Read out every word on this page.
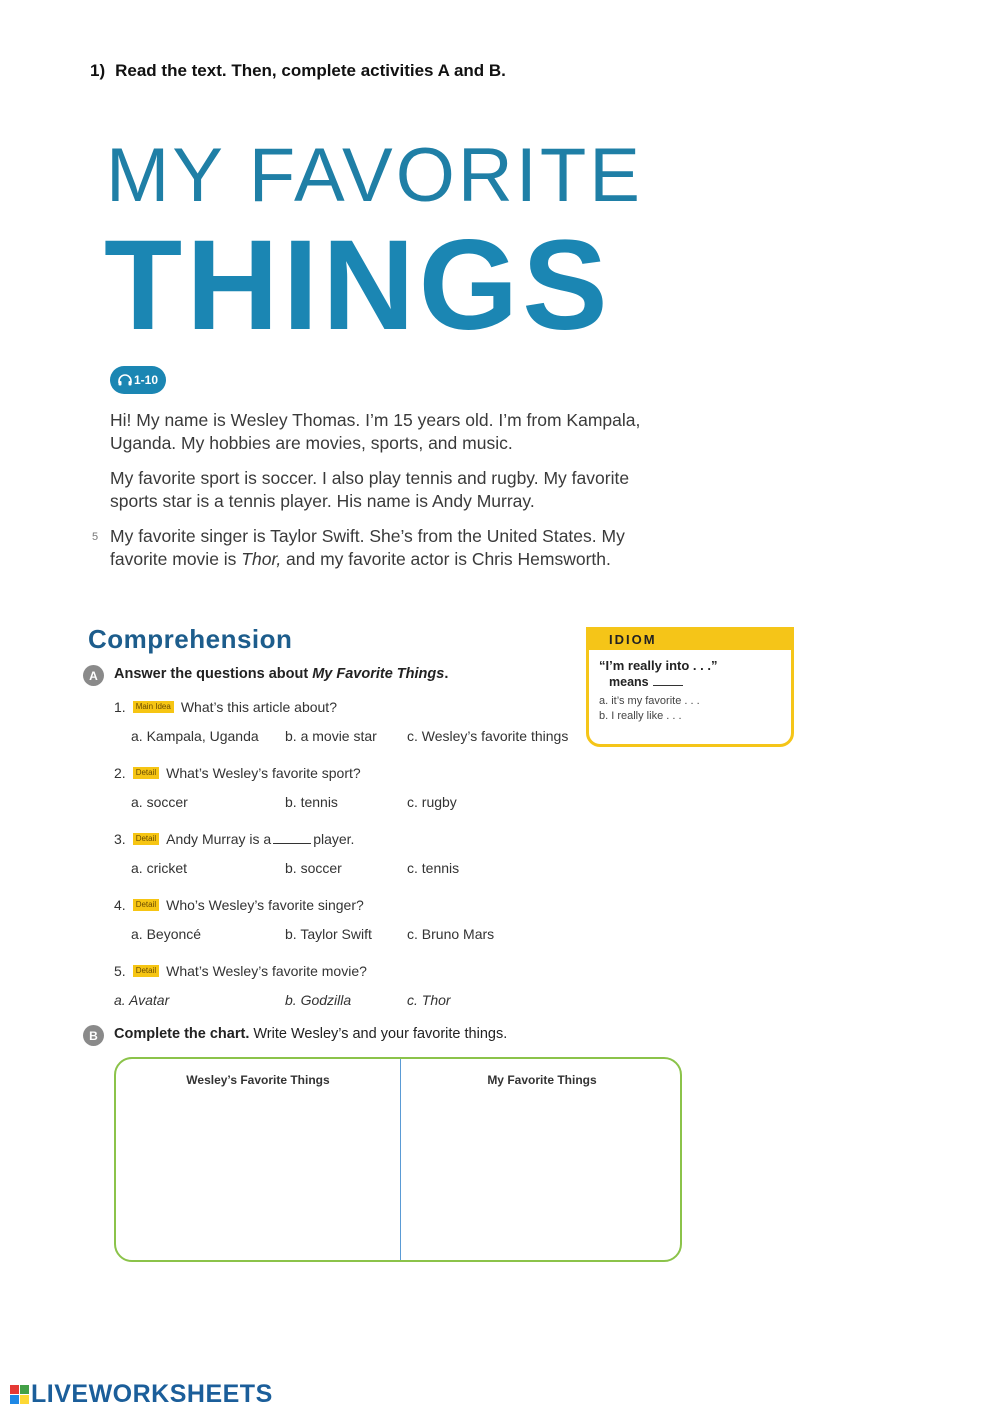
1) Read the text. Then, complete activities A and B.
MY FAVORITE
THINGS
1-10
Hi! My name is Wesley Thomas. I’m 15 years old. I’m from Kampala, Uganda. My hobbies are movies, sports, and music.
My favorite sport is soccer. I also play tennis and rugby. My favorite sports star is a tennis player. His name is Andy Murray.
5 My favorite singer is Taylor Swift. She’s from the United States. My favorite movie is Thor, and my favorite actor is Chris Hemsworth.
Comprehension
A	Answer the questions about My Favorite Things.
1.	Main Idea What’s this article about?
a. Kampala, Uganda b. a movie star c. Wesley’s favorite things
2.	Detail What’s Wesley’s favorite sport?
a. soccer	b. tennis	c. rugby
3.	Detail Andy Murray is a	player.
a. cricket	b. soccer	c. tennis
4.	Detail Who’s Wesley’s favorite singer?
a. Beyoncé	b. Taylor Swift	c. Bruno Mars
5.	Detail What’s Wesley’s favorite movie?
a. Avatar	b. Godzilla	c. Thor
B	Complete the chart. Write Wesley’s and your favorite things.
Wesley’s Favorite Things	My Favorite Things
IDIOM
“I’m really into . . .”
means
a. it’s my favorite . . .
b. I really like . . .
LIVEWORKSHEETS
